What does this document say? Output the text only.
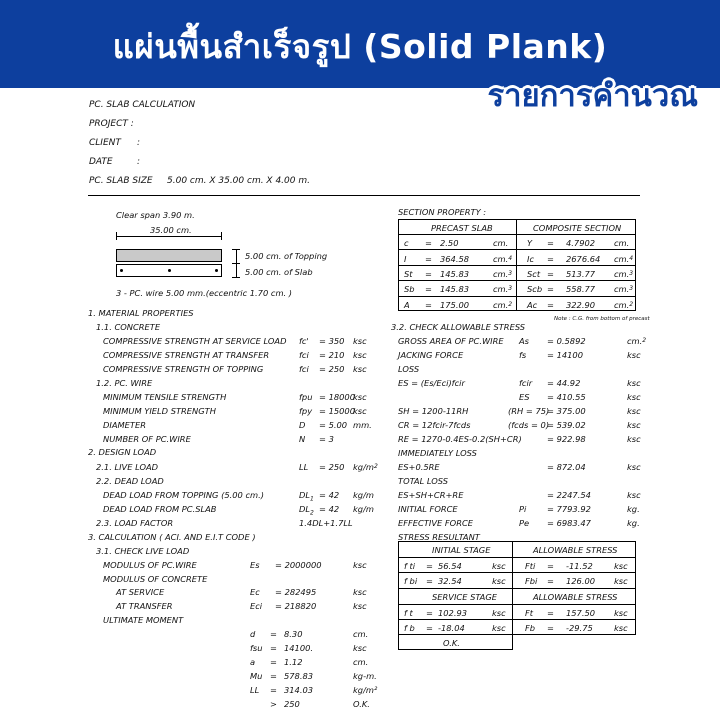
แผ่นพื้นสำเร็จรูป (Solid Plank)
รายการคำนวณ
PC. SLAB CALCULATION
PROJECT :
CLIENT :
DATE	:
PC. SLAB SIZE 5.00 cm. X 35.00 cm. X 4.00 m.
Clear span 3.90 m.
35.00 cm.
5.00 cm. of Topping
5.00 cm. of Slab
3 - PC. wire 5.00 mm.(eccentric 1.70 cm. )
1. MATERIAL PROPERTIES
1.1. CONCRETE
COMPRESSIVE STRENGTH AT SERVICE LOAD fc' = 350 ksc
COMPRESSIVE STRENGTH AT TRANSFER	fci = 210 ksc
COMPRESSIVE STRENGTH OF TOPPING	fci = 250 ksc
1.2. PC. WIRE
MINIMUM TENSILE STRENGTH	fpu = 18000
ksc
MINIMUM YIELD STRENGTH	fpy = 15000
ksc
DIAMETER	D = 5.00 mm.
NUMBER OF PC.WIRE	N = 3
2. DESIGN LOAD
2.1. LIVE LOAD	LL = 250 $kg/m^2$
2.2. DEAD LOAD
DEAD LOAD FROM TOPPING (5.00 cm.)	$DL_1 = 42$ kg/m
DEAD LOAD FROM PC.SLAB	$DL_2 = 42$ kg/m
2.3. LOAD FACTOR	1.4DL+1.7LL
3. CALCULATION ( ACI. AND E.I.T CODE )
3.1. CHECK LIVE LOAD
MODULUS OF PC.WIRE	Es = 2000000	ksc
MODULUS OF CONCRETE
AT SERVICE	Ec = 282495	ksc
AT TRANSFER	Eci = 218820	ksc
ULTIMATE MOMENT
d = 8.30	cm.
fsu = 14100.	ksc
a = 1.12	cm.
Mu = 578.83	kg-m.
LL = 314.03	kg/m²
> 250	O.K.
SECTION PROPERTY :
PRECAST SLAB	COMPOSITE SECTION
c = 2.50	cm. Y = 4.7902 cm.
I = 364.58	cm.$^4$ Ic = 2676.64 cm.$^4$
St = 145.83	cm.$^3$ Sct = 513.77 cm.$^3$
Sb = 145.83	cm.$^3$ Scb = 558.77 cm.$^3$
A = 175.00	cm.$^2$ Ac = 322.90 cm.$^2$
Note : C.G. from bottom of precast
3.2. CHECK ALLOWABLE STRESS
GROSS AREA OF PC.WIRE As = 0.5892	cm.$^2$
JACKING FORCE	fs	= 14100	ksc
LOSS
ES = (Es/Eci)fcir	fcir = 44.92	ksc
ES = 410.55	ksc
SH = 1200-11RH	(RH = 75)
= 375.00	ksc
CR = 12fcir-7fcds	(fcds = 0)
= 539.02	ksc
RE = 1270-0.4ES-0.2(SH+CR)	= 922.98	ksc
IMMEDIATELY LOSS
ES+0.5RE	= 872.04	ksc
TOTAL LOSS
ES+SH+CR+RE	= 2247.54	ksc
INITIAL FORCE	Pi = 7793.92	kg.
EFFECTIVE FORCE	Pe = 6983.47	kg.
STRESS RESULTANT
INITIAL STAGE	ALLOWABLE STRESS
f ti = 56.54	ksc Fti = -11.52	ksc
f bi = 32.54	ksc Fbi = 126.00 ksc
SERVICE STAGE	ALLOWABLE STRESS
f t = 102.93	ksc Ft = 157.50 ksc
f b = -18.04	ksc Fb = -29.75	ksc
O.K.
